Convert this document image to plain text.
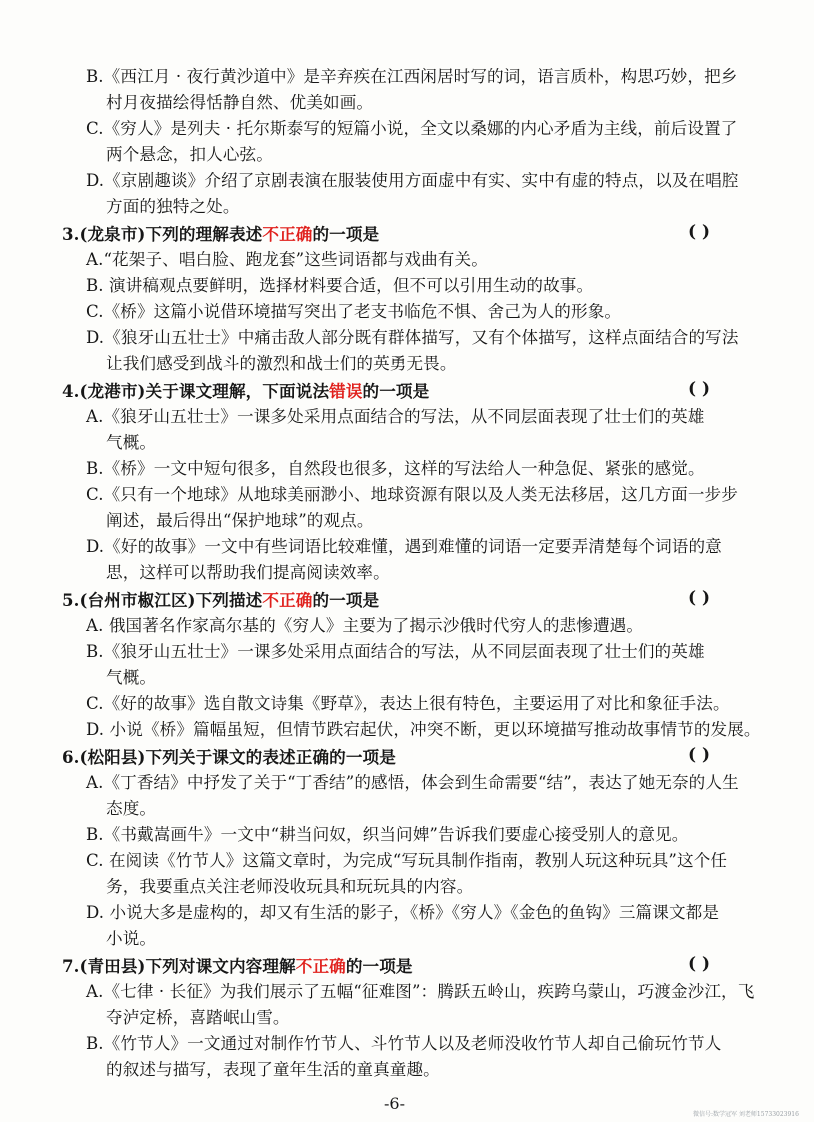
B.《西江月 · 夜行黄沙道中》是辛弃疾在江西闲居时写的词，语言质朴，构思巧妙，把乡
村月夜描绘得恬静自然、优美如画。
C.《穷人》是列夫 · 托尔斯泰写的短篇小说，全文以桑娜的内心矛盾为主线，前后设置了
两个悬念，扣人心弦。
D.《京剧趣谈》介绍了京剧表演在服装使用方面虚中有实、实中有虚的特点，以及在唱腔
方面的独特之处。
3.(龙泉市)下列的理解表述不正确的一项是	( )
A.“花架子、唱白脸、跑龙套”这些词语都与戏曲有关。
B. 演讲稿观点要鲜明，选择材料要合适，但不可以引用生动的故事。
C.《桥》这篇小说借环境描写突出了老支书临危不惧、舍己为人的形象。
D.《狼牙山五壮士》中痛击敌人部分既有群体描写，又有个体描写，这样点面结合的写法
让我们感受到战斗的激烈和战士们的英勇无畏。
4.(龙港市)关于课文理解，下面说法错误的一项是	( )
A.《狼牙山五壮士》一课多处采用点面结合的写法，从不同层面表现了壮士们的英雄
气概。
B.《桥》一文中短句很多，自然段也很多，这样的写法给人一种急促、紧张的感觉。
C.《只有一个地球》从地球美丽渺小、地球资源有限以及人类无法移居，这几方面一步步
阐述，最后得出“保护地球”的观点。
D.《好的故事》一文中有些词语比较难懂，遇到难懂的词语一定要弄清楚每个词语的意
思，这样可以帮助我们提高阅读效率。
5.(台州市椒江区)下列描述不正确的一项是	( )
A. 俄国著名作家高尔基的《穷人》主要为了揭示沙俄时代穷人的悲惨遭遇。
B.《狼牙山五壮士》一课多处采用点面结合的写法，从不同层面表现了壮士们的英雄
气概。
C.《好的故事》选自散文诗集《野草》，表达上很有特色，主要运用了对比和象征手法。
D. 小说《桥》篇幅虽短，但情节跌宕起伏，冲突不断，更以环境描写推动故事情节的发展。
6.(松阳县)下列关于课文的表述正确的一项是	( )
A.《丁香结》中抒发了关于“丁香结”的感悟，体会到生命需要“结”，表达了她无奈的人生
态度。
B.《书戴嵩画牛》一文中“耕当问奴，织当问婢”告诉我们要虚心接受别人的意见。
C. 在阅读《竹节人》这篇文章时，为完成“写玩具制作指南，教别人玩这种玩具”这个任
务，我要重点关注老师没收玩具和玩玩具的内容。
D. 小说大多是虚构的，却又有生活的影子，《桥》《穷人》《金色的鱼钩》三篇课文都是
小说。
7.(青田县)下列对课文内容理解不正确的一项是	( )
A.《七律 · 长征》为我们展示了五幅“征难图”：腾跃五岭山，疾跨乌蒙山，巧渡金沙江，飞
夺泸定桥，喜踏岷山雪。
B.《竹节人》一文通过对制作竹节人、斗竹节人以及老师没收竹节人却自己偷玩竹节人
的叙述与描写，表现了童年生活的童真童趣。
-6-
微信号:数学冠军 刘老师15733023916
